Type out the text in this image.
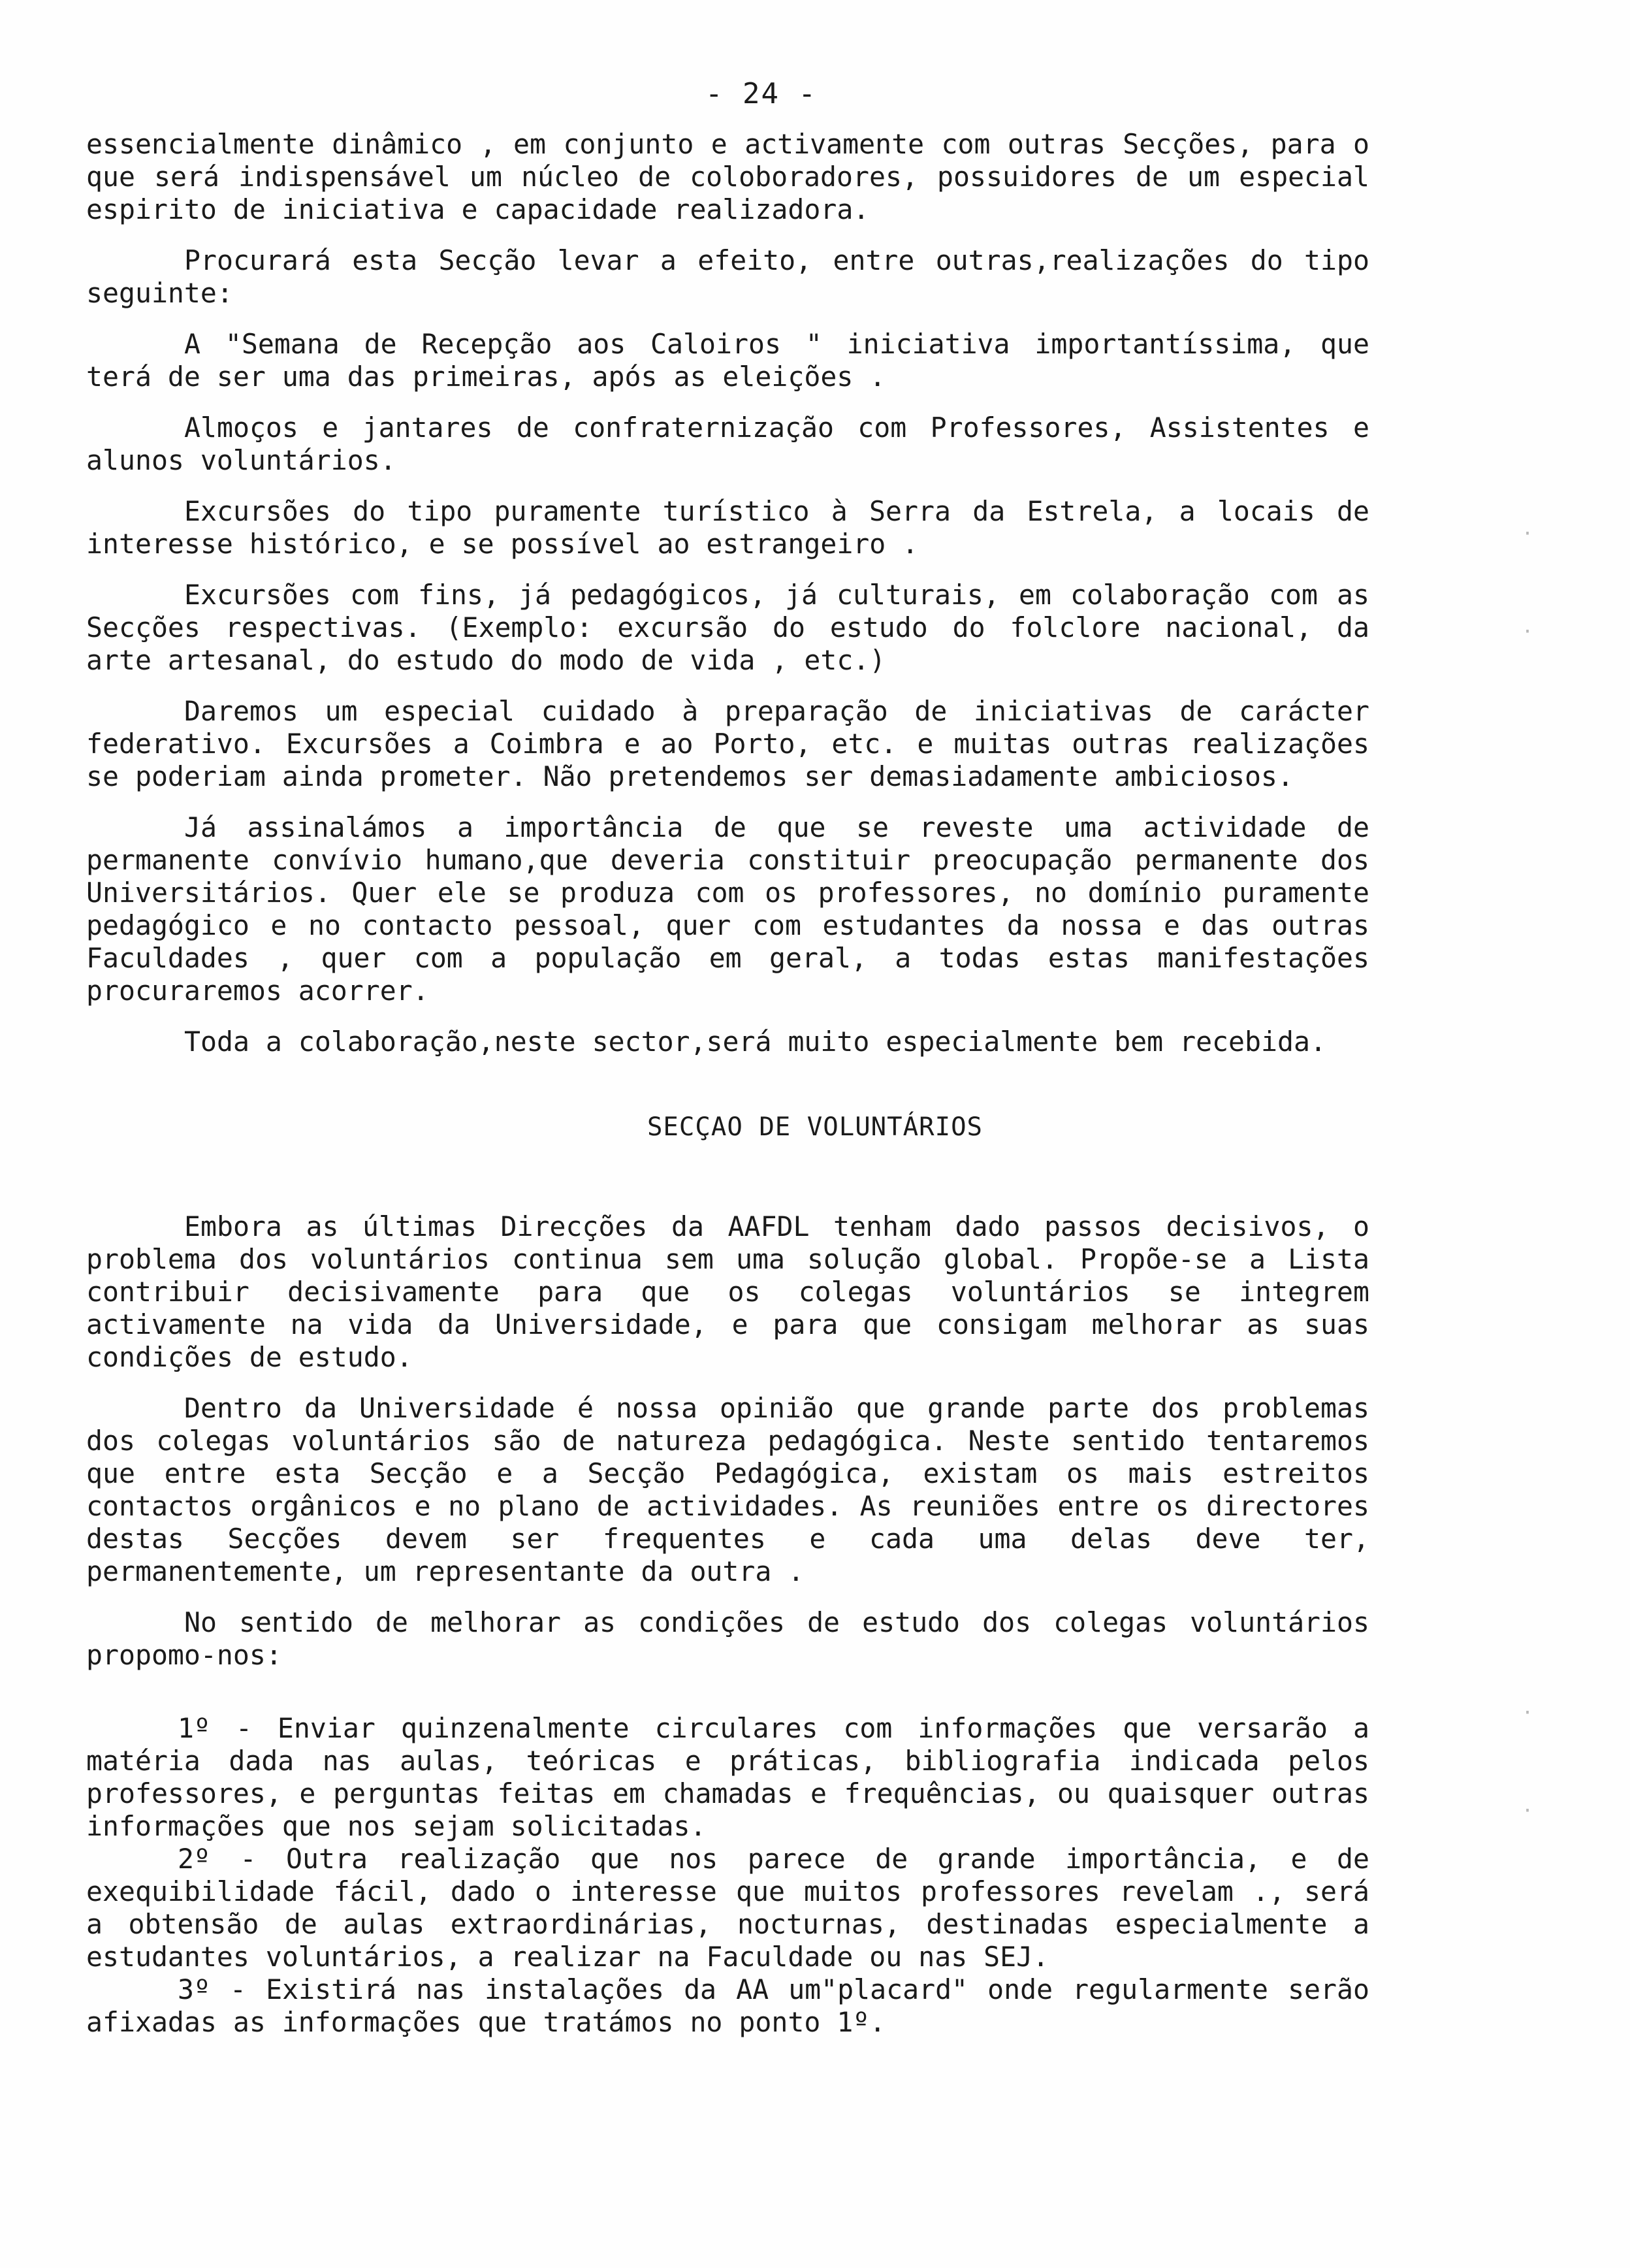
- 24 -

essencialmente dinâmico , em conjunto e activamente com outras Secções, para o que será indispensável um núcleo de coloboradores, possuidores de um especial espirito de iniciativa e capacidade realizadora.

Procurará esta Secção levar a efeito, entre outras,realizações do tipo seguinte:

A "Semana de Recepção aos Caloiros " iniciativa importantíssima, que terá de ser uma das primeiras, após as eleições .

Almoços e jantares de confraternização com Professores, Assistentes e alunos voluntários.

Excursões do tipo puramente turístico à Serra da Estrela, a locais de interesse histórico, e se possível ao estrangeiro .

Excursões com fins, já pedagógicos, já culturais, em colaboração com as Secções respectivas. (Exemplo: excursão do estudo do folclore nacional, da arte artesanal, do estudo do modo de vida , etc.)

Daremos um especial cuidado à preparação de iniciativas de carácter federativo. Excursões a Coimbra e ao Porto, etc. e muitas outras realizações se poderiam ainda prometer. Não pretendemos ser demasiadamente ambiciosos.

Já assinalámos a importância de que se reveste uma actividade de permanente convívio humano,que deveria constituir preocupação permanente dos Universitários. Quer ele se produza com os professores, no domínio puramente pedagógico e no contacto pessoal, quer com estudantes da nossa e das outras Faculdades , quer com a população em geral, a todas estas manifestações procuraremos acorrer.

Toda a colaboração,neste sector,será muito especialmente bem recebida.

SECÇAO DE VOLUNTÁRIOS

Embora as últimas Direcções da AAFDL tenham dado passos decisivos, o problema dos voluntários continua sem uma solução global. Propõe-se a Lista contribuir decisivamente para que os colegas voluntários se integrem activamente na vida da Universidade, e para que consigam melhorar as suas condições de estudo.

Dentro da Universidade é nossa opinião que grande parte dos problemas dos colegas voluntários são de natureza pedagógica. Neste sentido tentaremos que entre esta Secção e a Secção Pedagógica, existam os mais estreitos contactos orgânicos e no plano de actividades. As reuniões entre os directores destas Secções devem ser frequentes e cada uma delas deve ter, permanentemente, um representante da outra .

No sentido de melhorar as condições de estudo dos colegas voluntários propomo-nos:

1º - Enviar quinzenalmente circulares com informações que versarão a matéria dada nas aulas, teóricas e práticas, bibliografia indicada pelos professores, e perguntas feitas em chamadas e frequências, ou quaisquer outras informações que nos sejam solicitadas.

2º - Outra realização que nos parece de grande importância, e de exequibilidade fácil, dado o interesse que muitos professores revelam ., será a obtensão de aulas extraordinárias, nocturnas, destinadas especialmente a estudantes voluntários, a realizar na Faculdade ou nas SEJ.

3º - Existirá nas instalações da AA um"placard" onde regularmente serão afixadas as informações que tratámos no ponto 1º.

·
·
·
·
